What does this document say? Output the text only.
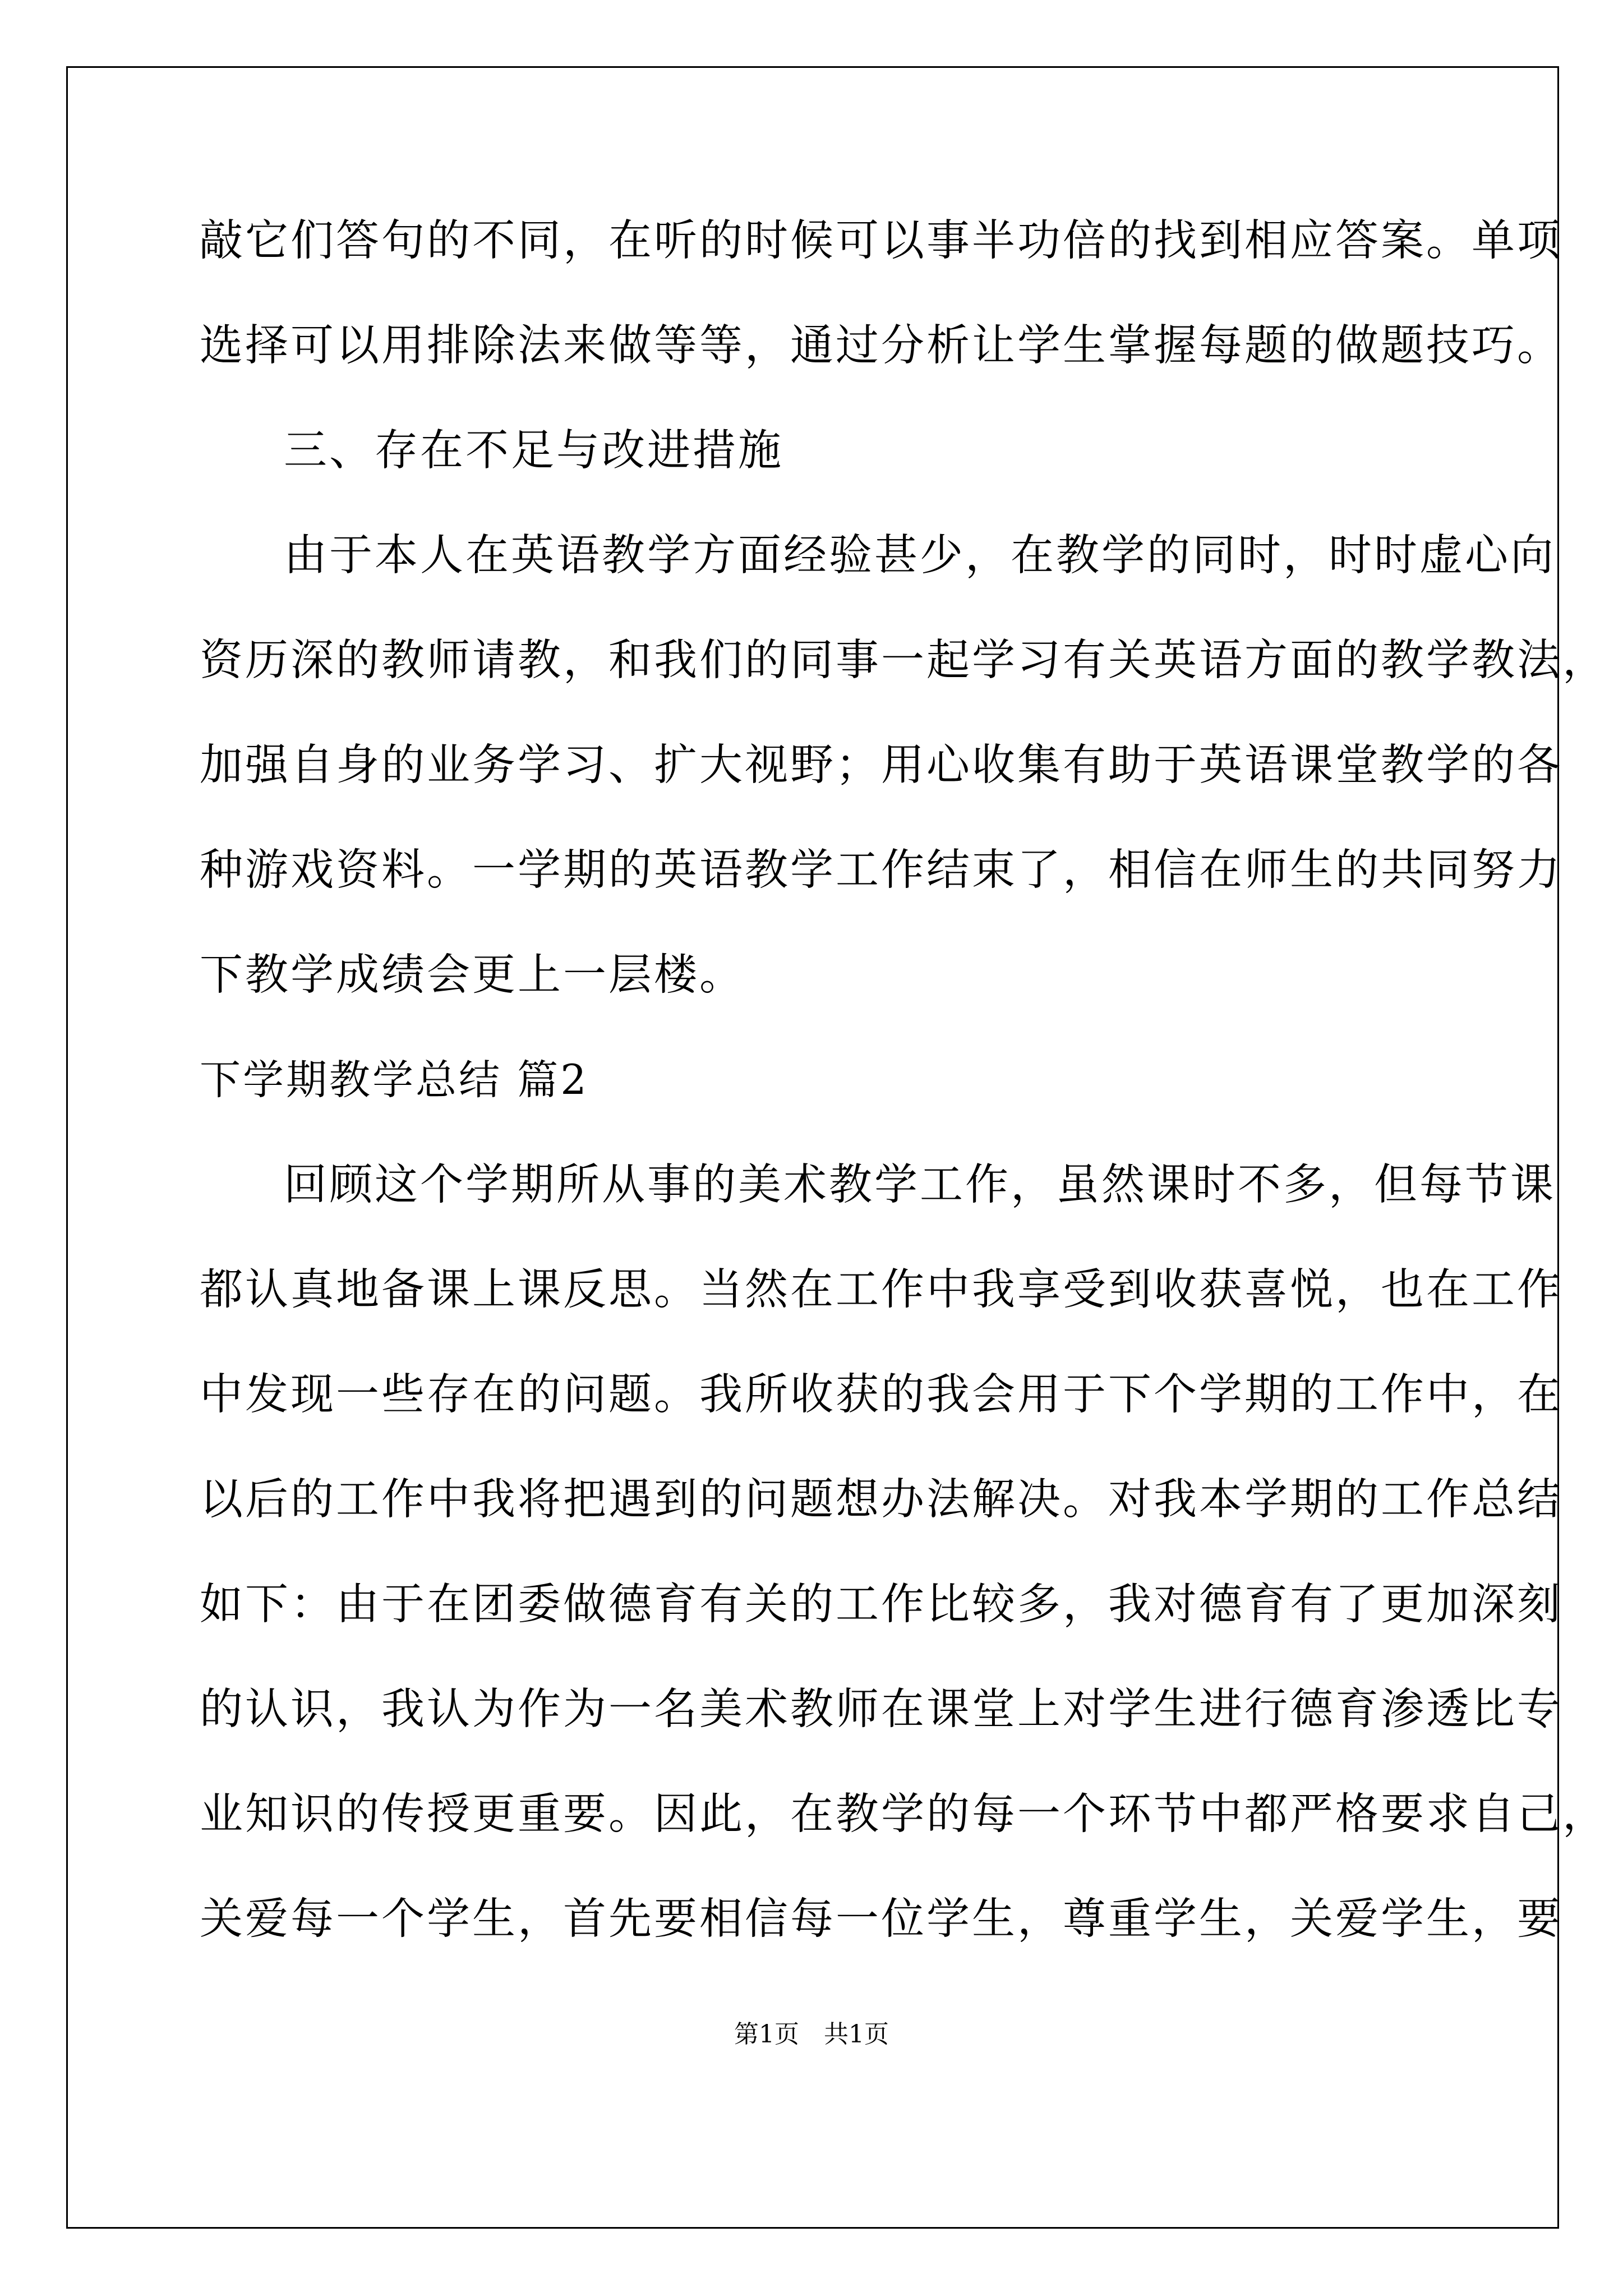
敲它们答句的不同，在听的时候可以事半功倍的找到相应答案。单项
选择可以用排除法来做等等，通过分析让学生掌握每题的做题技巧。
三、存在不足与改进措施
由于本人在英语教学方面经验甚少，在教学的同时，时时虚心向
资历深的教师请教，和我们的同事一起学习有关英语方面的教学教法，
加强自身的业务学习、扩大视野；用心收集有助于英语课堂教学的各
种游戏资料。一学期的英语教学工作结束了，相信在师生的共同努力
下教学成绩会更上一层楼。
下学期教学总结 篇2
回顾这个学期所从事的美术教学工作，虽然课时不多，但每节课
都认真地备课上课反思。当然在工作中我享受到收获喜悦，也在工作
中发现一些存在的问题。我所收获的我会用于下个学期的工作中，在
以后的工作中我将把遇到的问题想办法解决。对我本学期的工作总结
如下：由于在团委做德育有关的工作比较多，我对德育有了更加深刻
的认识，我认为作为一名美术教师在课堂上对学生进行德育渗透比专
业知识的传授更重要。因此，在教学的每一个环节中都严格要求自己，
关爱每一个学生，首先要相信每一位学生，尊重学生，关爱学生，要
第1页　共1页
